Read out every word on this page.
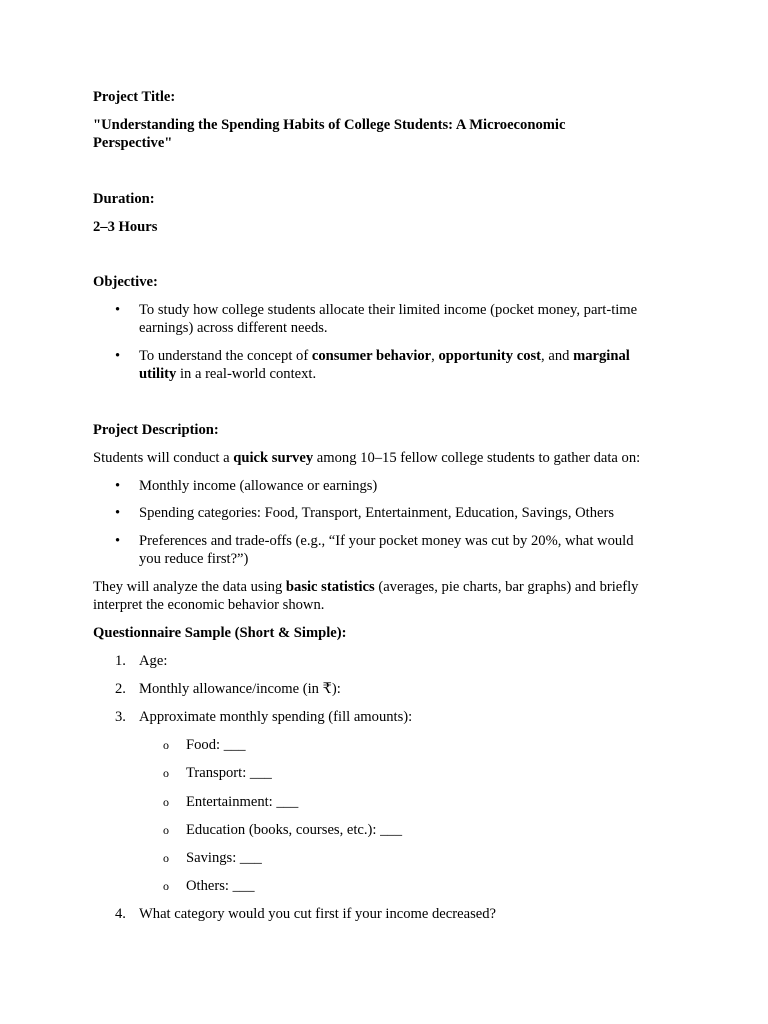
Project Title:
"Understanding the Spending Habits of College Students: A Microeconomic
Perspective"
Duration:
2–3 Hours
Objective:
•	To study how college students allocate their limited income (pocket money, part-time
earnings) across different needs.
•	To understand the concept of consumer behavior, opportunity cost, and marginal
utility in a real-world context.
Project Description:
Students will conduct a quick survey among 10–15 fellow college students to gather data on:
•	Monthly income (allowance or earnings)
•	Spending categories: Food, Transport, Entertainment, Education, Savings, Others
•	Preferences and trade-offs (e.g., “If your pocket money was cut by 20%, what would
you reduce first?”)
They will analyze the data using basic statistics (averages, pie charts, bar graphs) and briefly
interpret the economic behavior shown.
Questionnaire Sample (Short & Simple):
1. Age:
2. Monthly allowance/income (in ₹):
3. Approximate monthly spending (fill amounts):
o Food: ___
o Transport: ___
o Entertainment: ___
o Education (books, courses, etc.): ___
o Savings: ___
o Others: ___
4. What category would you cut first if your income decreased?
